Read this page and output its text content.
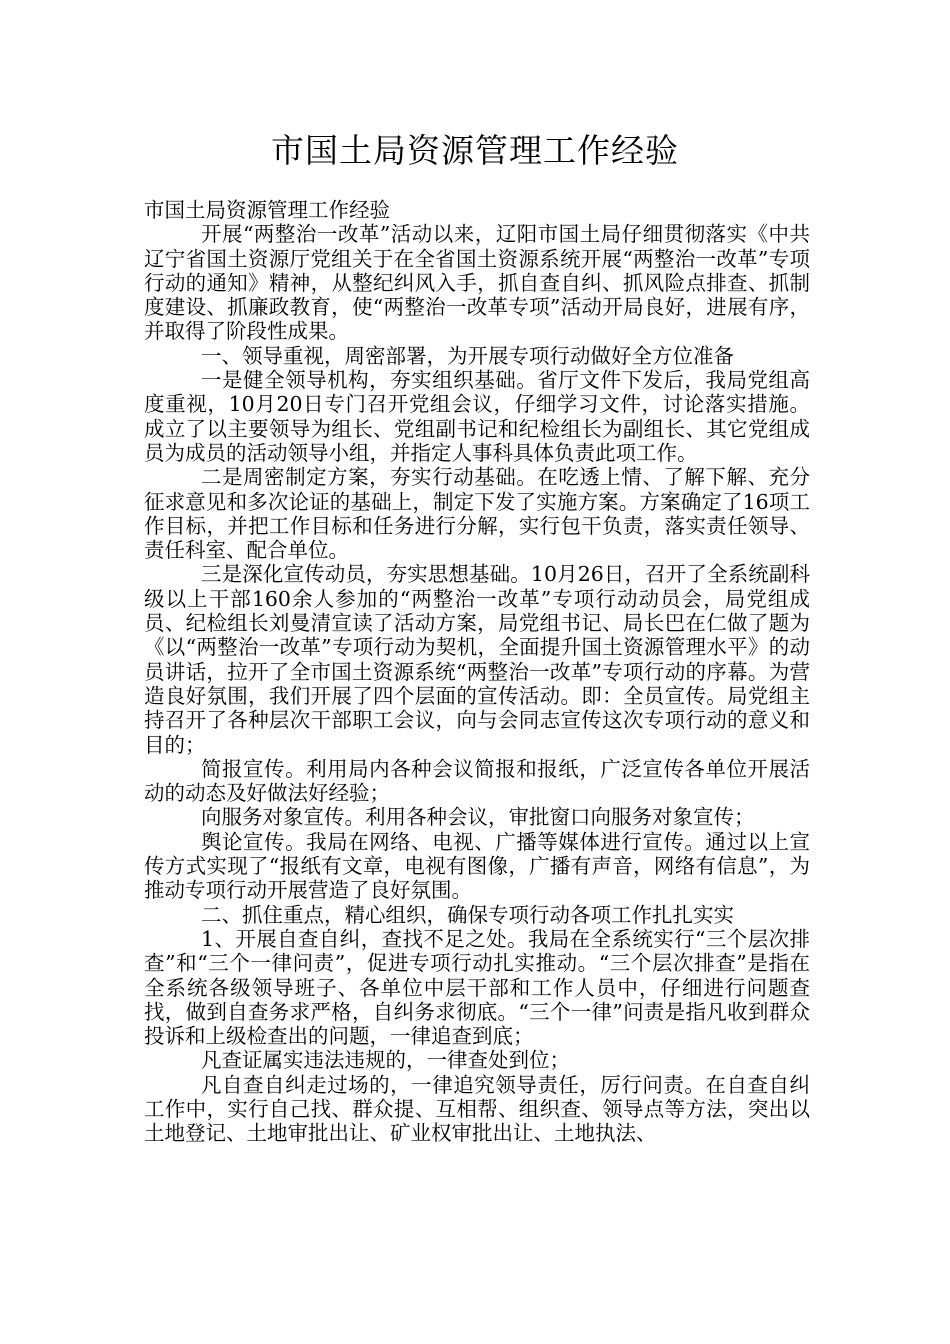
市国土局资源管理工作经验

市国土局资源管理工作经验

开展“两整治一改革”活动以来，辽阳市国土局仔细贯彻落实《中共辽宁省国土资源厅党组关于在全省国土资源系统开展“两整治一改革”专项行动的通知》精神，从整纪纠风入手，抓自查自纠、抓风险点排查、抓制度建设、抓廉政教育，使“两整治一改革专项”活动开局良好，进展有序，并取得了阶段性成果。

一、领导重视，周密部署，为开展专项行动做好全方位准备

一是健全领导机构，夯实组织基础。省厅文件下发后，我局党组高度重视，10月20日专门召开党组会议，仔细学习文件，讨论落实措施。成立了以主要领导为组长、党组副书记和纪检组长为副组长、其它党组成员为成员的活动领导小组，并指定人事科具体负责此项工作。

二是周密制定方案，夯实行动基础。在吃透上情、了解下解、充分征求意见和多次论证的基础上，制定下发了实施方案。方案确定了16项工作目标，并把工作目标和任务进行分解，实行包干负责，落实责任领导、责任科室、配合单位。

三是深化宣传动员，夯实思想基础。10月26日，召开了全系统副科级以上干部160余人参加的“两整治一改革”专项行动动员会，局党组成员、纪检组长刘曼清宣读了活动方案，局党组书记、局长巴在仁做了题为《以“两整治一改革”专项行动为契机，全面提升国土资源管理水平》的动员讲话，拉开了全市国土资源系统“两整治一改革”专项行动的序幕。为营造良好氛围，我们开展了四个层面的宣传活动。即：全员宣传。局党组主持召开了各种层次干部职工会议，向与会同志宣传这次专项行动的意义和目的；

简报宣传。利用局内各种会议简报和报纸，广泛宣传各单位开展活动的动态及好做法好经验；

向服务对象宣传。利用各种会议，审批窗口向服务对象宣传；

舆论宣传。我局在网络、电视、广播等媒体进行宣传。通过以上宣传方式实现了“报纸有文章，电视有图像，广播有声音，网络有信息”，为推动专项行动开展营造了良好氛围。

二、抓住重点，精心组织，确保专项行动各项工作扎扎实实

1、开展自查自纠，查找不足之处。我局在全系统实行“三个层次排查”和“三个一律问责”，促进专项行动扎实推动。“三个层次排查”是指在全系统各级领导班子、各单位中层干部和工作人员中，仔细进行问题查找，做到自查务求严格，自纠务求彻底。“三个一律”问责是指凡收到群众投诉和上级检查出的问题，一律追查到底；

凡查证属实违法违规的，一律查处到位；

凡自查自纠走过场的，一律追究领导责任，厉行问责。在自查自纠工作中，实行自己找、群众提、互相帮、组织查、领导点等方法，突出以土地登记、土地审批出让、矿业权审批出让、土地执法、
